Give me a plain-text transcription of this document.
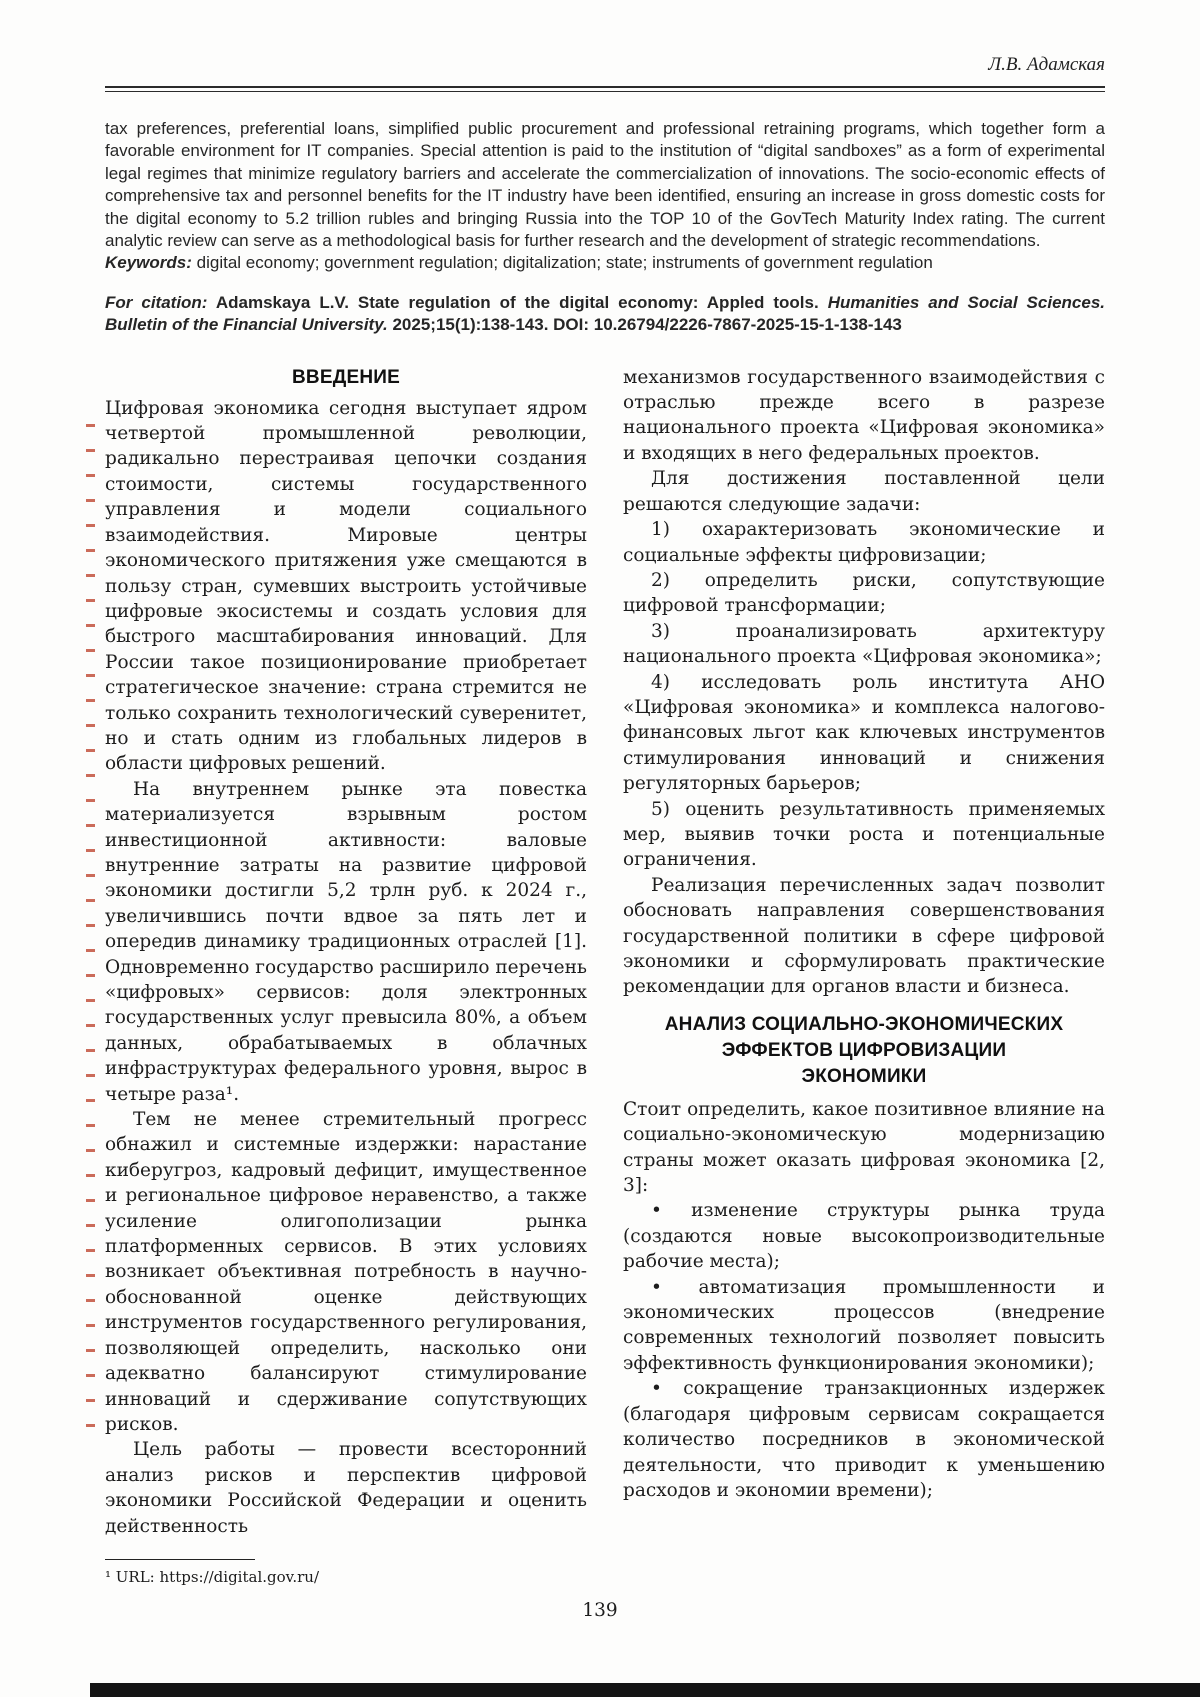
Л.В. Адамская

tax preferences, preferential loans, simplified public procurement and professional retraining programs, which together form a favorable environment for IT companies. Special attention is paid to the institution of “digital sandboxes” as a form of experimental legal regimes that minimize regulatory barriers and accelerate the commercialization of innovations. The socio-economic effects of comprehensive tax and personnel benefits for the IT industry have been identified, ensuring an increase in gross domestic costs for the digital economy to 5.2 trillion rubles and bringing Russia into the TOP 10 of the GovTech Maturity Index rating. The current analytic review can serve as a methodological basis for further research and the development of strategic recommendations.

Keywords: digital economy; government regulation; digitalization; state; instruments of government regulation

For citation: Adamskaya L.V. State regulation of the digital economy: Appled tools. Humanities and Social Sciences. Bulletin of the Financial University. 2025;15(1):138-143. DOI: 10.26794/2226-7867-2025-15-1-138-143
ВВЕДЕНИЕ

Цифровая экономика сегодня выступает ядром четвертой промышленной революции, радикально перестраивая цепочки создания стоимости, системы государственного управления и модели социального взаимодействия. Мировые центры экономического притяжения уже смещаются в пользу стран, сумевших выстроить устойчивые цифровые экосистемы и создать условия для быстрого масштабирования инноваций. Для России такое позиционирование приобретает стратегическое значение: страна стремится не только сохранить технологический суверенитет, но и стать одним из глобальных лидеров в области цифровых решений.

На внутреннем рынке эта повестка материализуется взрывным ростом инвестиционной активности: валовые внутренние затраты на развитие цифровой экономики достигли 5,2 трлн руб. к 2024 г., увеличившись почти вдвое за пять лет и опередив динамику традиционных отраслей [1]. Одновременно государство расширило перечень «цифровых» сервисов: доля электронных государственных услуг превысила 80%, а объем данных, обрабатываемых в облачных инфраструктурах федерального уровня, вырос в четыре раза¹.

Тем не менее стремительный прогресс обнажил и системные издержки: нарастание киберугроз, кадровый дефицит, имущественное и региональное цифровое неравенство, а также усиление олигополизации рынка платформенных сервисов. В этих условиях возникает объективная потребность в научно-обоснованной оценке действующих инструментов государственного регулирования, позволяющей определить, насколько они адекватно балансируют стимулирование инноваций и сдерживание сопутствующих рисков.

Цель работы — провести всесторонний анализ рисков и перспектив цифровой экономики Российской Федерации и оценить действенность

¹ URL: https://digital.gov.ru/

механизмов государственного взаимодействия с отраслью прежде всего в разрезе национального проекта «Цифровая экономика» и входящих в него федеральных проектов.

Для достижения поставленной цели решаются следующие задачи:

1) охарактеризовать экономические и социальные эффекты цифровизации;

2) определить риски, сопутствующие цифровой трансформации;

3) проанализировать архитектуру национального проекта «Цифровая экономика»;

4) исследовать роль института АНО «Цифровая экономика» и комплекса налогово-финансовых льгот как ключевых инструментов стимулирования инноваций и снижения регуляторных барьеров;

5) оценить результативность применяемых мер, выявив точки роста и потенциальные ограничения.

Реализация перечисленных задач позволит обосновать направления совершенствования государственной политики в сфере цифровой экономики и сформулировать практические рекомендации для органов власти и бизнеса.

АНАЛИЗ СОЦИАЛЬНО-ЭКОНОМИЧЕСКИХ
ЭФФЕКТОВ ЦИФРОВИЗАЦИИ
ЭКОНОМИКИ

Стоит определить, какое позитивное влияние на социально-экономическую модернизацию страны может оказать цифровая экономика [2, 3]:

• изменение структуры рынка труда (создаются новые высокопроизводительные рабочие места);

• автоматизация промышленности и экономических процессов (внедрение современных технологий позволяет повысить эффективность функционирования экономики);

• сокращение транзакционных издержек (благодаря цифровым сервисам сокращается количество посредников в экономической деятельности, что приводит к уменьшению расходов и экономии времени);

139
